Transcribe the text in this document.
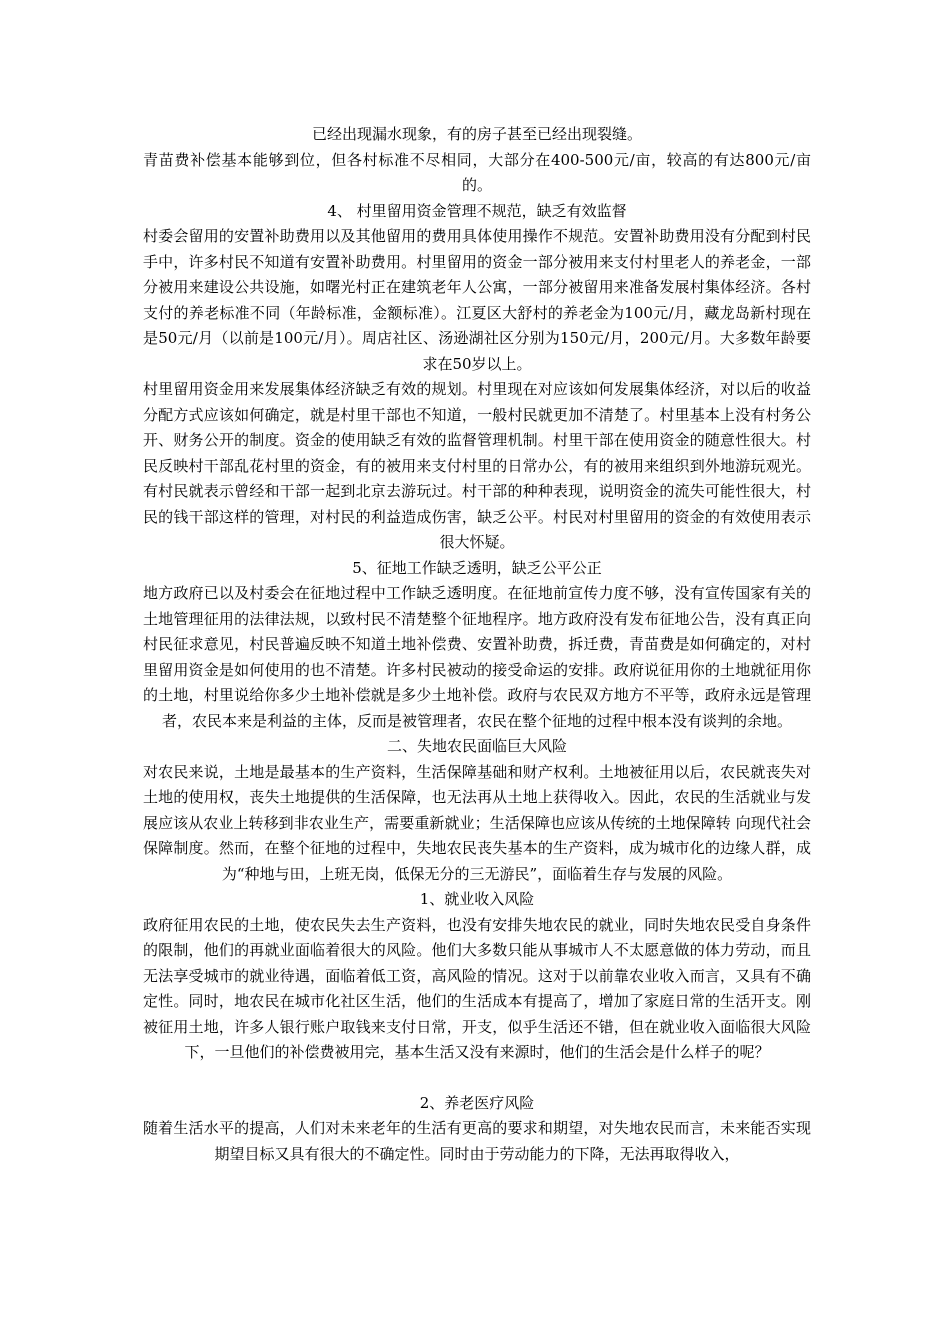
已经出现漏水现象，有的房子甚至已经出现裂缝。

青苗费补偿基本能够到位，但各村标准不尽相同，大部分在400-500元/亩，较高的有达800元/亩的。

4、 村里留用资金管理不规范，缺乏有效监督

村委会留用的安置补助费用以及其他留用的费用具体使用操作不规范。安置补助费用没有分配到村民手中，许多村民不知道有安置补助费用。村里留用的资金一部分被用来支付村里老人的养老金，一部分被用来建设公共设施，如曙光村正在建筑老年人公寓，一部分被留用来准备发展村集体经济。各村支付的养老标准不同（年龄标准，金额标准）。江夏区大舒村的养老金为100元/月，藏龙岛新村现在是50元/月（以前是100元/月）。周店社区、汤逊湖社区分别为150元/月，200元/月。大多数年龄要求在50岁以上。

村里留用资金用来发展集体经济缺乏有效的规划。村里现在对应该如何发展集体经济，对以后的收益分配方式应该如何确定，就是村里干部也不知道，一般村民就更加不清楚了。村里基本上没有村务公开、财务公开的制度。资金的使用缺乏有效的监督管理机制。村里干部在使用资金的随意性很大。村民反映村干部乱花村里的资金，有的被用来支付村里的日常办公，有的被用来组织到外地游玩观光。有村民就表示曾经和干部一起到北京去游玩过。村干部的种种表现，说明资金的流失可能性很大，村民的钱干部这样的管理，对村民的利益造成伤害，缺乏公平。村民对村里留用的资金的有效使用表示很大怀疑。

5、征地工作缺乏透明，缺乏公平公正

地方政府已以及村委会在征地过程中工作缺乏透明度。在征地前宣传力度不够，没有宣传国家有关的土地管理征用的法律法规，以致村民不清楚整个征地程序。地方政府没有发布征地公告，没有真正向村民征求意见，村民普遍反映不知道土地补偿费、安置补助费，拆迁费，青苗费是如何确定的，对村里留用资金是如何使用的也不清楚。许多村民被动的接受命运的安排。政府说征用你的土地就征用你的土地，村里说给你多少土地补偿就是多少土地补偿。政府与农民双方地方不平等，政府永远是管理者，农民本来是利益的主体，反而是被管理者，农民在整个征地的过程中根本没有谈判的余地。

二、失地农民面临巨大风险

对农民来说，土地是最基本的生产资料，生活保障基础和财产权利。土地被征用以后，农民就丧失对土地的使用权，丧失土地提供的生活保障，也无法再从土地上获得收入。因此，农民的生活就业与发展应该从农业上转移到非农业生产，需要重新就业；生活保障也应该从传统的土地保障转 向现代社会保障制度。然而，在整个征地的过程中，失地农民丧失基本的生产资料，成为城市化的边缘人群，成为“种地与田，上班无岗，低保无分的三无游民”，面临着生存与发展的风险。

1、就业收入风险

政府征用农民的土地，使农民失去生产资料，也没有安排失地农民的就业，同时失地农民受自身条件的限制，他们的再就业面临着很大的风险。他们大多数只能从事城市人不太愿意做的体力劳动，而且无法享受城市的就业待遇，面临着低工资，高风险的情况。这对于以前靠农业收入而言，又具有不确定性。同时，地农民在城市化社区生活，他们的生活成本有提高了，增加了家庭日常的生活开支。刚被征用土地，许多人银行账户取钱来支付日常，开支，似乎生活还不错，但在就业收入面临很大风险下，一旦他们的补偿费被用完，基本生活又没有来源时，他们的生活会是什么样子的呢？

2、养老医疗风险

随着生活水平的提高，人们对未来老年的生活有更高的要求和期望，对失地农民而言，未来能否实现期望目标又具有很大的不确定性。同时由于劳动能力的下降，无法再取得收入，
